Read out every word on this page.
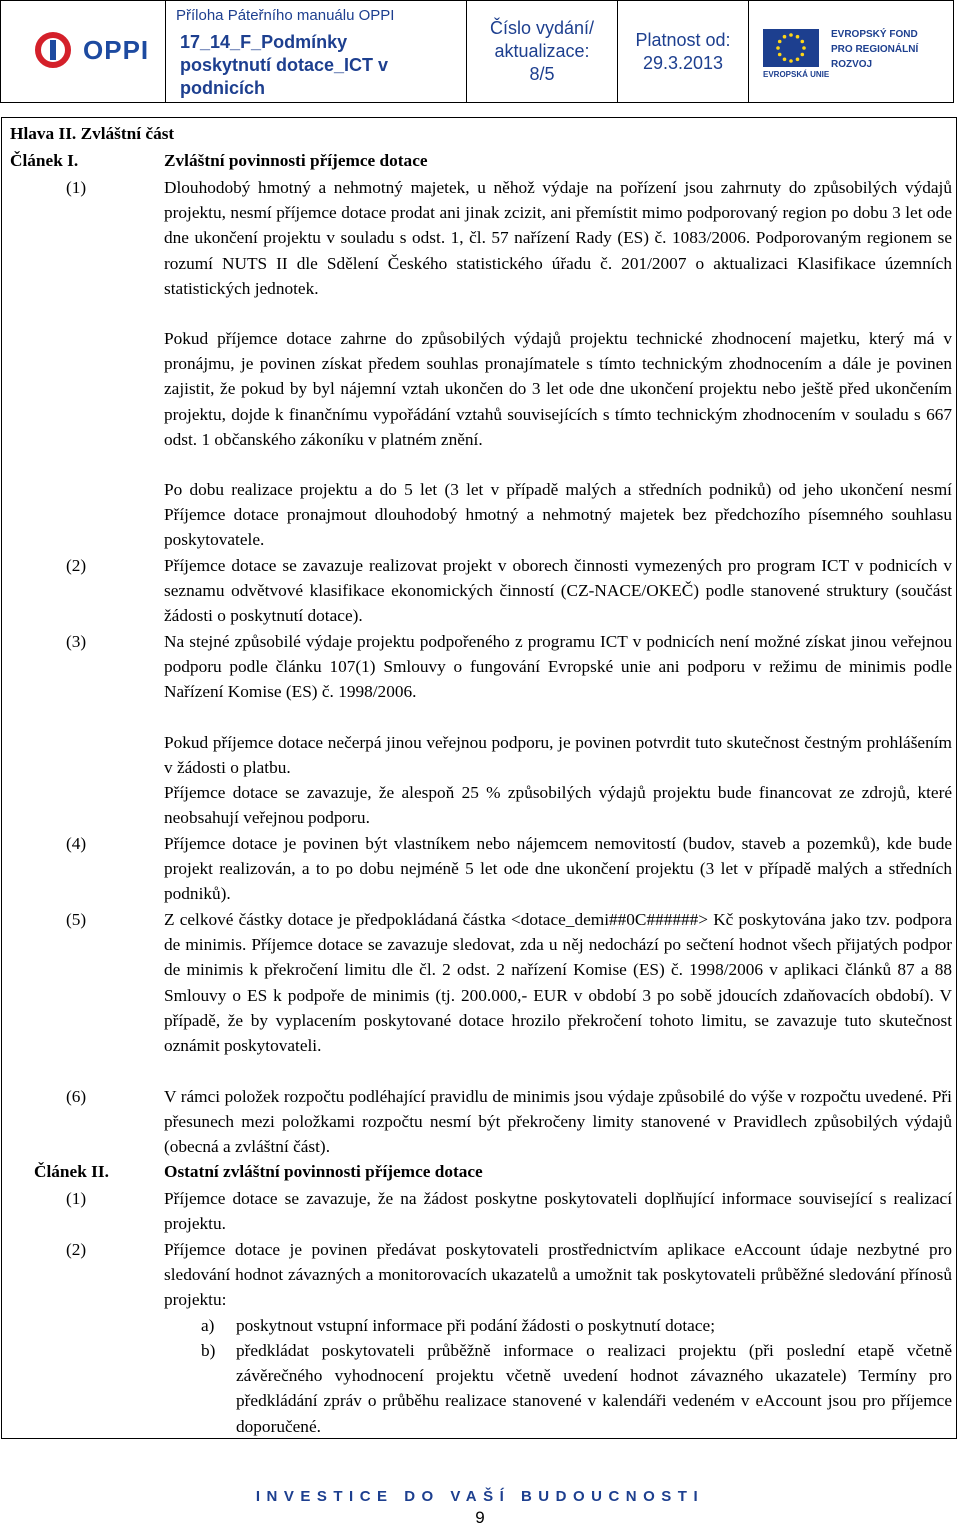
OPPI

Příloha Páteřního manuálu OPPI
17_14_F_Podmínky
poskytnutí dotace_ICT v
podnicích

Číslo vydání/
aktualizace:
8/5

Platnost od:
29.3.2013

EVROPSKÁ UNIE
EVROPSKÝ FOND
PRO REGIONÁLNÍ
ROZVOJ
Hlava II. Zvláštní část
Článek I.	Zvláštní povinnosti příjemce dotace
(1)	Dlouhodobý hmotný a nehmotný majetek, u něhož výdaje na pořízení jsou zahrnuty do způsobilých výdajů projektu, nesmí příjemce dotace prodat ani jinak zcizit, ani přemístit mimo podporovaný region po dobu 3 let ode dne ukončení projektu v souladu s odst. 1, čl. 57 nařízení Rady (ES) č. 1083/2006. Podporovaným regionem se rozumí NUTS II dle Sdělení Českého statistického úřadu č. 201/2007 o aktualizaci Klasifikace územních statistických jednotek.
Pokud příjemce dotace zahrne do způsobilých výdajů projektu technické zhodnocení majetku, který má v pronájmu, je povinen získat předem souhlas pronajímatele s tímto technickým zhodnocením a dále je povinen zajistit, že pokud by byl nájemní vztah ukončen do 3 let ode dne ukončení projektu nebo ještě před ukončením projektu, dojde k finančnímu vypořádání vztahů souvisejících s tímto technickým zhodnocením v souladu s 667 odst. 1 občanského zákoníku v platném znění.
Po dobu realizace projektu a do 5 let (3 let v případě malých a středních podniků) od jeho ukončení nesmí Příjemce dotace pronajmout dlouhodobý hmotný a nehmotný majetek bez předchozího písemného souhlasu poskytovatele.
(2)	Příjemce dotace se zavazuje realizovat projekt v oborech činnosti vymezených pro program ICT v podnicích v seznamu odvětvové klasifikace ekonomických činností (CZ-NACE/OKEČ) podle stanovené struktury (součást žádosti o poskytnutí dotace).
(3)	Na stejné způsobilé výdaje projektu podpořeného z programu ICT v podnicích není možné získat jinou veřejnou podporu podle článku 107(1) Smlouvy o fungování Evropské unie ani podporu v režimu de minimis podle Nařízení Komise (ES) č. 1998/2006.
Pokud příjemce dotace nečerpá jinou veřejnou podporu, je povinen potvrdit tuto skutečnost čestným prohlášením v žádosti o platbu.
Příjemce dotace se zavazuje, že alespoň 25 % způsobilých výdajů projektu bude financovat ze zdrojů, které neobsahují veřejnou podporu.
(4)	Příjemce dotace je povinen být vlastníkem nebo nájemcem nemovitostí (budov, staveb a pozemků), kde bude projekt realizován, a to po dobu nejméně 5 let ode dne ukončení projektu (3 let v případě malých a středních podniků).
(5)	Z celkové částky dotace je předpokládaná částka <dotace_demi##0C######> Kč poskytována jako tzv. podpora de minimis. Příjemce dotace se zavazuje sledovat, zda u něj nedochází po sečtení hodnot všech přijatých podpor de minimis k překročení limitu dle čl. 2 odst. 2 nařízení Komise (ES) č. 1998/2006 v aplikaci článků 87 a 88 Smlouvy o ES k podpoře de minimis (tj. 200.000,- EUR v období 3 po sobě jdoucích zdaňovacích období). V případě, že by vyplacením poskytované dotace hrozilo překročení tohoto limitu, se zavazuje tuto skutečnost oznámit poskytovateli.
(6)	V rámci položek rozpočtu podléhající pravidlu de minimis jsou výdaje způsobilé do výše v rozpočtu uvedené. Při přesunech mezi položkami rozpočtu nesmí být překročeny limity stanovené v Pravidlech způsobilých výdajů (obecná a zvláštní část).
Článek II.	Ostatní zvláštní povinnosti příjemce dotace
(1)	Příjemce dotace se zavazuje, že na žádost poskytne poskytovateli doplňující informace související s realizací projektu.
(2)	Příjemce dotace je povinen předávat poskytovateli prostřednictvím aplikace eAccount údaje nezbytné pro sledování hodnot závazných a monitorovacích ukazatelů a umožnit tak poskytovateli průběžné sledování přínosů projektu:
a) poskytnout vstupní informace při podání žádosti o poskytnutí dotace;
b) předkládat poskytovateli průběžně informace o realizaci projektu (při poslední etapě včetně závěrečného vyhodnocení projektu včetně uvedení hodnot závazného ukazatele) Termíny pro předkládání zpráv o průběhu realizace stanovené v kalendáři vedeném v eAccount jsou pro příjemce doporučené.
INVESTICE DO VAŠÍ BUDOUCNOSTI
9
